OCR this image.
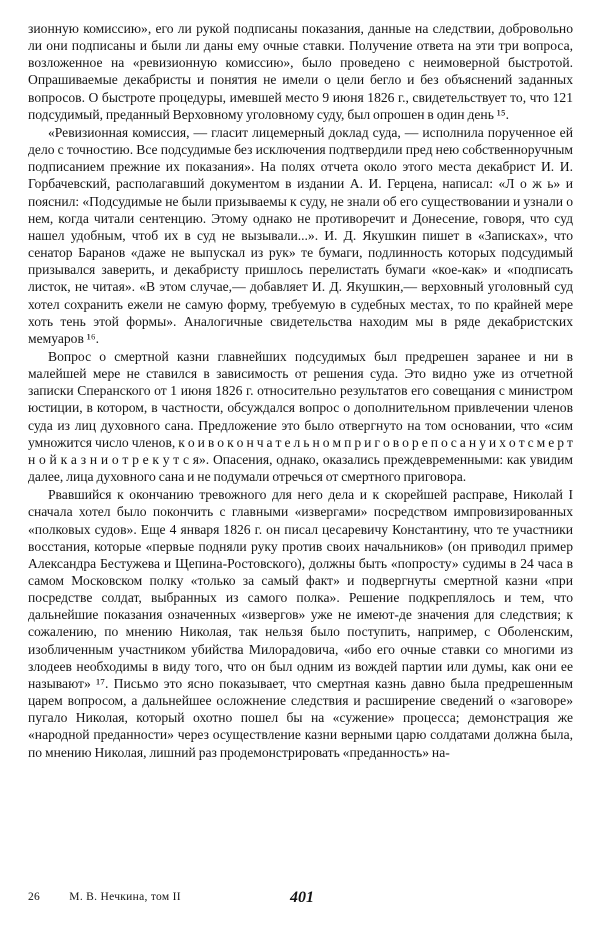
зионную комиссию», его ли рукой подписаны показания, данные на следствии, добровольно ли они подписаны и были ли даны ему очные ставки. Получение ответа на эти три вопроса, возложенное на «ревизионную комиссию», было проведено с неимоверной быстротой. Опрашиваемые декабристы и понятия не имели о цели беглo и без объяснений заданных вопросов. О быстроте процедуры, имевшей место 9 июня 1826 г., свидетельствует то, что 121 подсудимый, преданный Верховному уголовному суду, был опрошен в один день ¹⁵.

«Ревизионная комиссия, — гласит лицемерный доклад суда, — исполнила порученное ей дело с точностию. Все подсудимые без исключения подтвердили пред нею собственноручным подписанием прежние их показания». На полях отчета около этого места декабрист И. И. Горбачевский, располагавший документом в издании А. И. Герцена, написал: «Л о ж ь» и пояснил: «Подсудимые не были призываемы к суду, не знали об его существовании и узнали о нем, когда читали сентенцию. Этому однако не противоречит и Донесение, говоря, что суд нашел удобным, чтоб их в суд не вызывали...». И. Д. Якушкин пишет в «Записках», что сенатор Баранов «даже не выпускал из рук» те бумаги, подлинность которых подсудимый призывался заверить, и декабристу пришлось перелистать бумаги «кое-как» и «подписать листок, не читая». «В этом случае,— добавляет И. Д. Якушкин,— верховный уголовный суд хотел сохранить ежели не самую форму, требуемую в судебных местах, то по крайней мере хоть тень этой формы». Аналогичные свидетельства находим мы в ряде декабристских мемуаров ¹⁶.

Вопрос о смертной казни главнейших подсудимых был предрешен заранее и ни в малейшей мере не ставился в зависимость от решения суда. Это видно уже из отчетной записки Сперанского от 1 июня 1826 г. относительно результатов его совещания с министром юстиции, в котором, в частности, обсуждался вопрос о дополнительном привлечении членов суда из лиц духовного сана. Предложение это было отвергнуто на том основании, что «сим умножится число членов, к о и в о к о н ч а т е л ь н о м п р и г о в о р е п о с а н у и х о т с м е р т н о й к а з н и о т р е к у т с я». Опасения, однако, оказались преждевременными: как увидим далее, лица духовного сана и не подумали отречься от смертного приговора.

Рвавшийся к окончанию тревожного для него дела и к скорейшей расправе, Николай I сначала хотел было покончить с главными «извергами» посредством импровизированных «полковых судов». Еще 4 января 1826 г. он писал цесаревичу Константину, что те участники восстания, которые «первые подняли руку против своих начальников» (он приводил пример Александра Бестужева и Щепина-Ростовского), должны быть «попросту» судимы в 24 часа в самом Московском полку «только за самый факт» и подвергнуты смертной казни «при посредстве солдат, выбранных из самого полка». Решение подкреплялось и тем, что дальнейшие показания означенных «извергов» уже не имеют-де значения для следствия; к сожалению, по мнению Николая, так нельзя было поступить, например, с Оболенским, изобличенным участником убийства Милорадовича, «ибо его очные ставки со многими из злодеев необходимы в виду того, что он был одним из вождей партии или думы, как они ее называют» ¹⁷. Письмо это ясно показывает, что смертная казнь давно была предрешенным царем вопросом, а дальнейшее осложнение следствия и расширение сведений о «заговоре» пугало Николая, который охотно пошел бы на «сужение» процесса; демонстрация же «народной преданности» через осуществление казни верными царю солдатами должна была, по мнению Николая, лишний раз продемонстрировать «преданность» на-

26	М. В. Нечкина, том II	401
